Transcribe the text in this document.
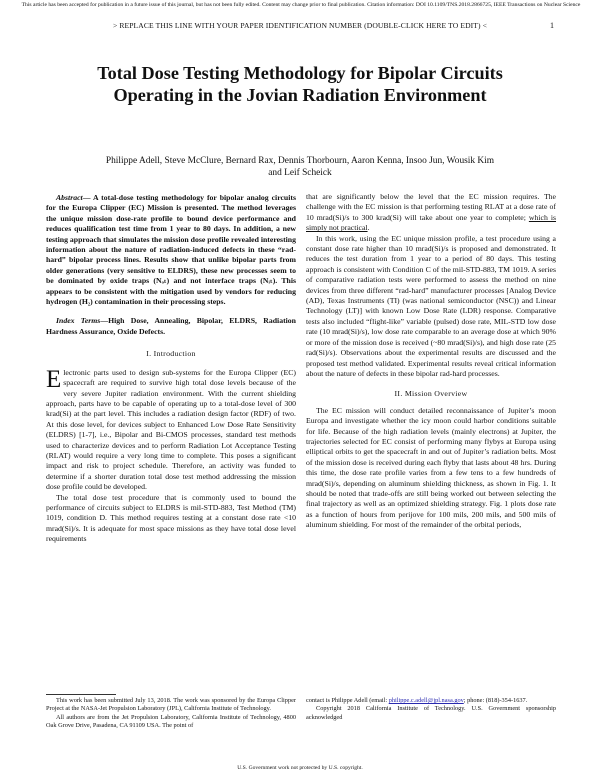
This article has been accepted for publication in a future issue of this journal, but has not been fully edited. Content may change prior to final publication. Citation information: DOI 10.1109/TNS.2018.2866725, IEEE Transactions on Nuclear Science
> REPLACE THIS LINE WITH YOUR PAPER IDENTIFICATION NUMBER (DOUBLE-CLICK HERE TO EDIT) <	1
Total Dose Testing Methodology for Bipolar Circuits Operating in the Jovian Radiation Environment
Philippe Adell, Steve McClure, Bernard Rax, Dennis Thorbourn, Aaron Kenna, Insoo Jun, Wousik Kim and Leif Scheick

Abstract— A total-dose testing methodology for bipolar analog circuits for the Europa Clipper (EC) Mission is presented. The method leverages the unique mission dose-rate profile to bound device performance and reduces qualification test time from 1 year to 80 days. In addition, a new testing approach that simulates the mission dose profile revealed interesting information about the nature of radiation-induced defects in these “rad-hard” bipolar process lines. Results show that unlike bipolar parts from older generations (very sensitive to ELDRS), these new processes seem to be dominated by oxide traps (Nₒₜ) and not interface traps (Nᵢₜ). This appears to be consistent with the mitigation used by vendors for reducing hydrogen (H₂) contamination in their processing steps.

Index Terms—High Dose, Annealing, Bipolar, ELDRS, Radiation Hardness Assurance, Oxide Defects.

I. Introduction

Electronic parts used to design sub-systems for the Europa Clipper (EC) spacecraft are required to survive high total dose levels because of the very severe Jupiter radiation environment. With the current shielding approach, parts have to be capable of operating up to a total-dose level of 300 krad(Si) at the part level. This includes a radiation design factor (RDF) of two. At this dose level, for devices subject to Enhanced Low Dose Rate Sensitivity (ELDRS) [1-7], i.e., Bipolar and Bi-CMOS processes, standard test methods used to characterize devices and to perform Radiation Lot Acceptance Testing (RLAT) would require a very long time to complete. This poses a significant impact and risk to project schedule. Therefore, an activity was funded to determine if a shorter duration total dose test method addressing the mission dose profile could be developed.

The total dose test procedure that is commonly used to bound the performance of circuits subject to ELDRS is mil-STD-883, Test Method (TM) 1019, condition D. This method requires testing at a constant dose rate <10 mrad(Si)/s. It is adequate for most space missions as they have total dose level requirements

that are significantly below the level that the EC mission requires. The challenge with the EC mission is that performing testing RLAT at a dose rate of 10 mrad(Si)/s to 300 krad(Si) will take about one year to complete; which is simply not practical.

In this work, using the EC unique mission profile, a test procedure using a constant dose rate higher than 10 mrad(Si)/s is proposed and demonstrated. It reduces the test duration from 1 year to a period of 80 days. This testing approach is consistent with Condition C of the mil-STD-883, TM 1019. A series of comparative radiation tests were performed to assess the method on nine devices from three different “rad-hard” manufacturer processes [Analog Device (AD), Texas Instruments (TI) (was national semiconductor (NSC)) and Linear Technology (LT)] with known Low Dose Rate (LDR) response. Comparative tests also included “flight-like” variable (pulsed) dose rate, MIL-STD low dose rate (10 mrad(Si)/s), low dose rate comparable to an average dose at which 90% or more of the mission dose is received (~80 mrad(Si)/s), and high dose rate (25 rad(Si)/s). Observations about the experimental results are discussed and the proposed test method validated. Experimental results reveal critical information about the nature of defects in these bipolar rad-hard processes.

II. Mission Overview

The EC mission will conduct detailed reconnaissance of Jupiter’s moon Europa and investigate whether the icy moon could harbor conditions suitable for life. Because of the high radiation levels (mainly electrons) at Jupiter, the trajectories selected for EC consist of performing many flybys at Europa using elliptical orbits to get the spacecraft in and out of Jupiter’s radiation belts. Most of the mission dose is received during each flyby that lasts about 48 hrs. During this time, the dose rate profile varies from a few tens to a few hundreds of mrad(Si)/s, depending on aluminum shielding thickness, as shown in Fig. 1. It should be noted that trade-offs are still being worked out between selecting the final trajectory as well as an optimized shielding strategy. Fig. 1 plots dose rate as a function of hours from perijove for 100 mils, 200 mils, and 500 mils of aluminum shielding. For most of the remainder of the orbital periods,

This work has been submitted July 13, 2018. The work was sponsored by the Europa Clipper Project at the NASA-Jet Propulsion Laboratory (JPL), California Institute of Technology.

All authors are from the Jet Propulsion Laboratory, California Institute of Technology, 4800 Oak Grove Drive, Pasadena, CA 91109 USA. The point of

contact is Philippe Adell (email: philippe.c.adell@jpl.nasa.gov; phone: (818)-354-1637.

Copyright 2018 California Institute of Technology. U.S. Government sponsorship acknowledged

U.S. Government work not protected by U.S. copyright.
